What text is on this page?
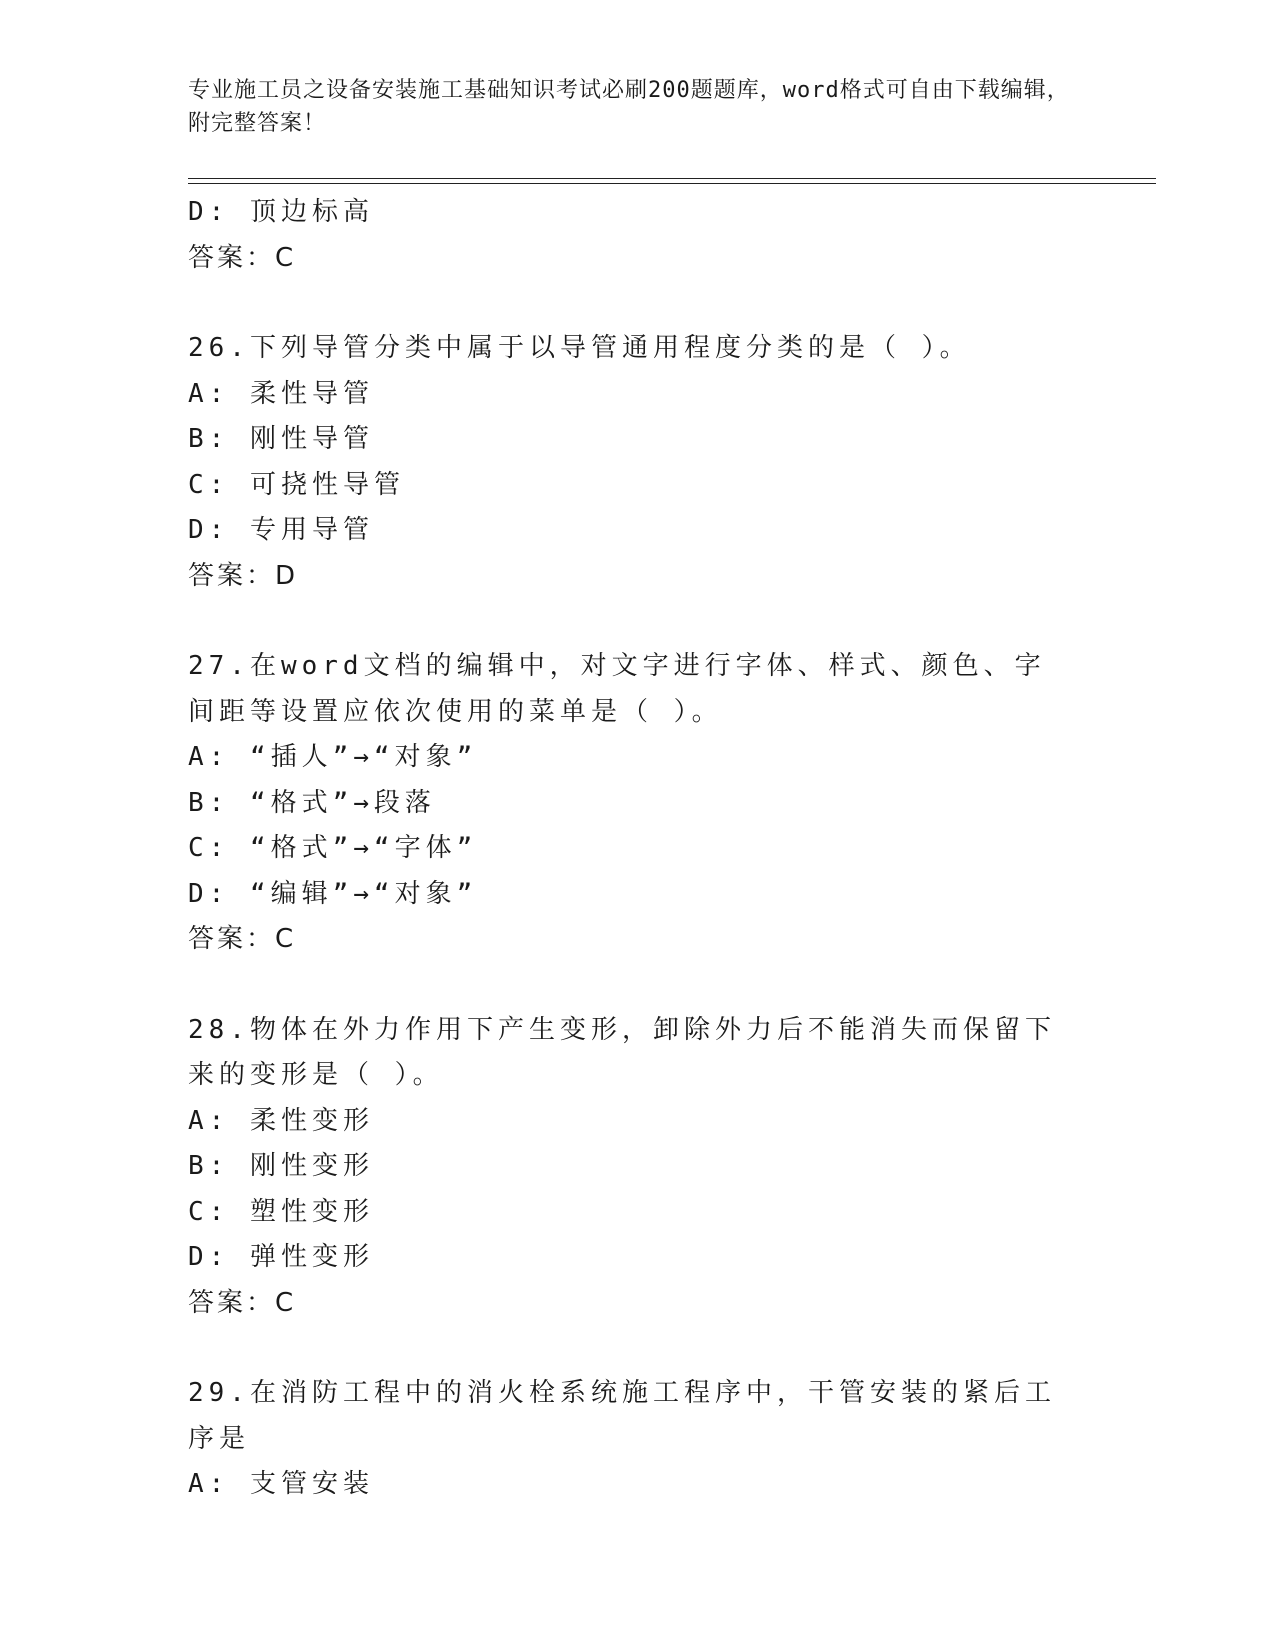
专业施工员之设备安装施工基础知识考试必刷200题题库，word格式可自由下载编辑，附完整答案！
D: 顶边标高
答案：C
26.下列导管分类中属于以导管通用程度分类的是（ ）。
A: 柔性导管
B: 刚性导管
C: 可挠性导管
D: 专用导管
答案：D
27.在word文档的编辑中，对文字进行字体、样式、颜色、字间距等设置应依次使用的菜单是（ ）。
A: “插人”→“对象”
B: “格式”→段落
C: “格式”→“字体”
D: “编辑”→“对象”
答案：C
28.物体在外力作用下产生变形，卸除外力后不能消失而保留下来的变形是（ ）。
A: 柔性变形
B: 刚性变形
C: 塑性变形
D: 弹性变形
答案：C
29.在消防工程中的消火栓系统施工程序中，干管安装的紧后工序是
A: 支管安装
